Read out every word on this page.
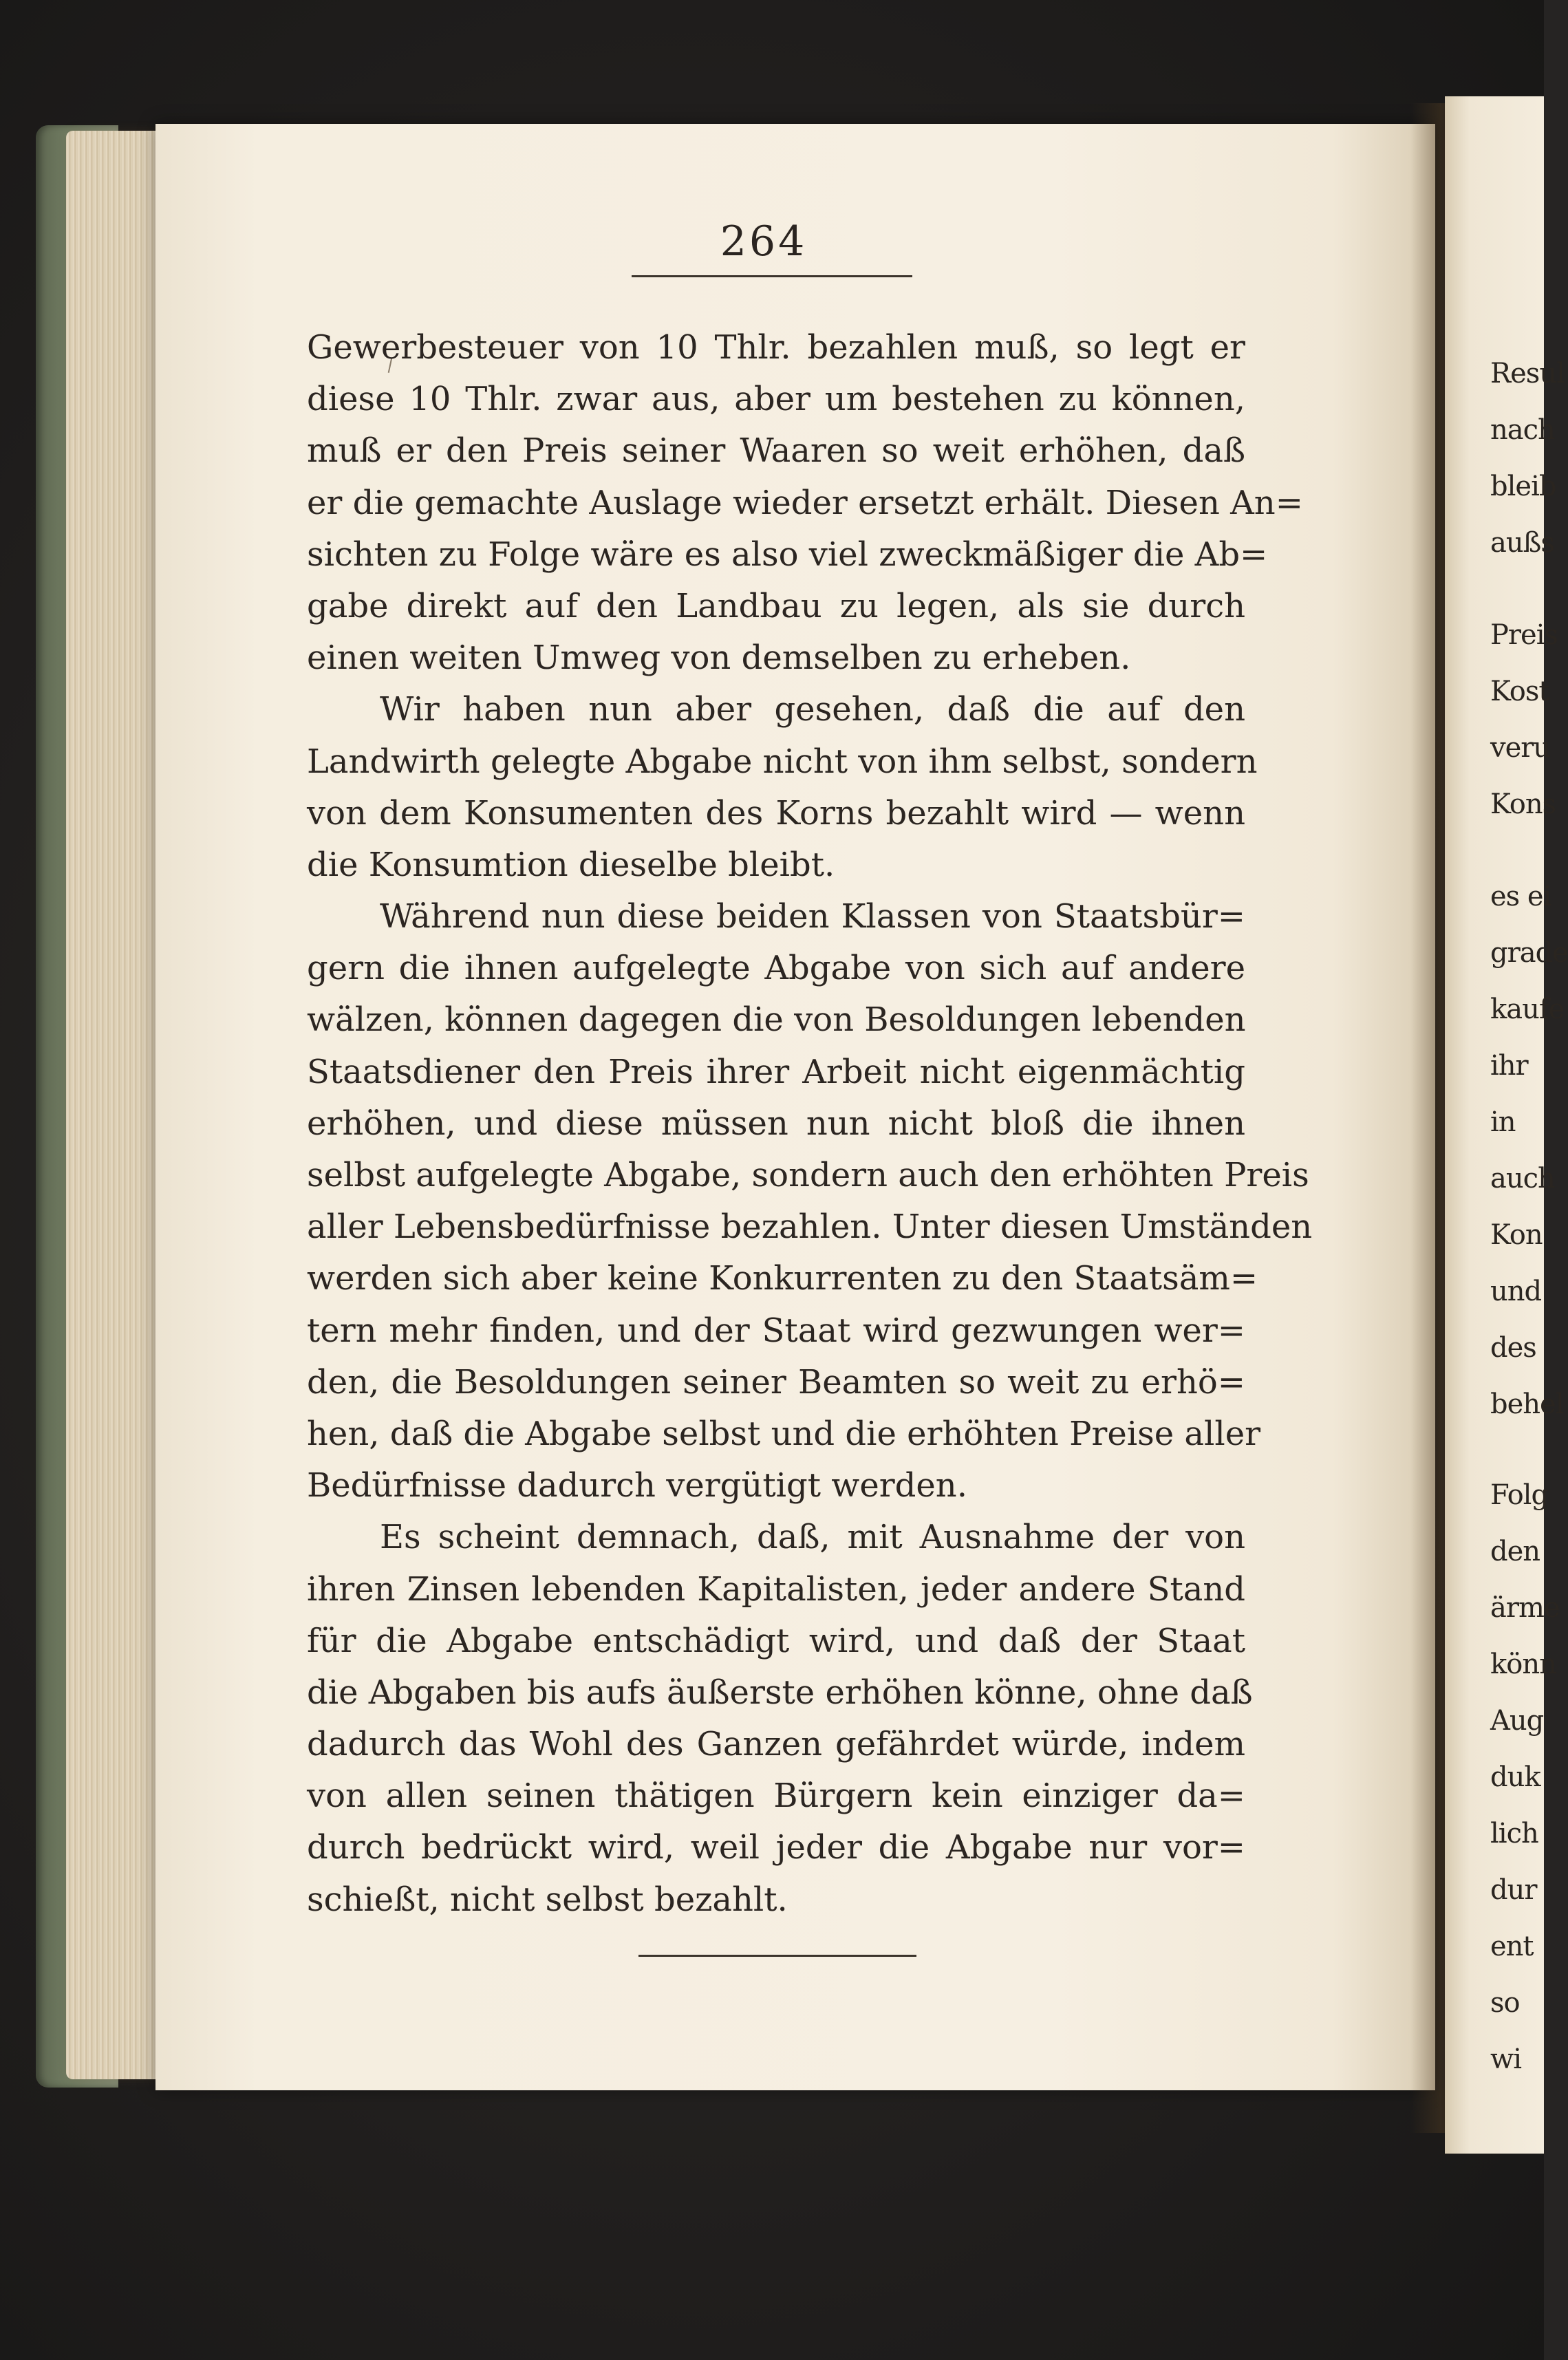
Resul
nach
bleib
außs
Preis
Kost
veru
Kons
es ei
grade
kaufe
ihr
in
auch
Kon
und
des
behel
Folg
den
ärme
könn
Aug
duk
lich
dur
ent
so
wi
264
Gewerbesteuer von 10 Thlr. bezahlen muß, so legt er
diese 10 Thlr. zwar aus, aber um bestehen zu können,
muß er den Preis seiner Waaren so weit erhöhen, daß
er die gemachte Auslage wieder ersetzt erhält. Diesen An=
sichten zu Folge wäre es also viel zweckmäßiger die Ab=
gabe direkt auf den Landbau zu legen, als sie durch
einen weiten Umweg von demselben zu erheben.
Wir haben nun aber gesehen, daß die auf den
Landwirth gelegte Abgabe nicht von ihm selbst, sondern
von dem Konsumenten des Korns bezahlt wird — wenn
die Konsumtion dieselbe bleibt.
Während nun diese beiden Klassen von Staatsbür=
gern die ihnen aufgelegte Abgabe von sich auf andere
wälzen, können dagegen die von Besoldungen lebenden
Staatsdiener den Preis ihrer Arbeit nicht eigenmächtig
erhöhen, und diese müssen nun nicht bloß die ihnen
selbst aufgelegte Abgabe, sondern auch den erhöhten Preis
aller Lebensbedürfnisse bezahlen. Unter diesen Umständen
werden sich aber keine Konkurrenten zu den Staatsäm=
tern mehr finden, und der Staat wird gezwungen wer=
den, die Besoldungen seiner Beamten so weit zu erhö=
hen, daß die Abgabe selbst und die erhöhten Preise aller
Bedürfnisse dadurch vergütigt werden.
Es scheint demnach, daß, mit Ausnahme der von
ihren Zinsen lebenden Kapitalisten, jeder andere Stand
für die Abgabe entschädigt wird, und daß der Staat
die Abgaben bis aufs äußerste erhöhen könne, ohne daß
dadurch das Wohl des Ganzen gefährdet würde, indem
von allen seinen thätigen Bürgern kein einziger da=
durch bedrückt wird, weil jeder die Abgabe nur vor=
schießt, nicht selbst bezahlt.
